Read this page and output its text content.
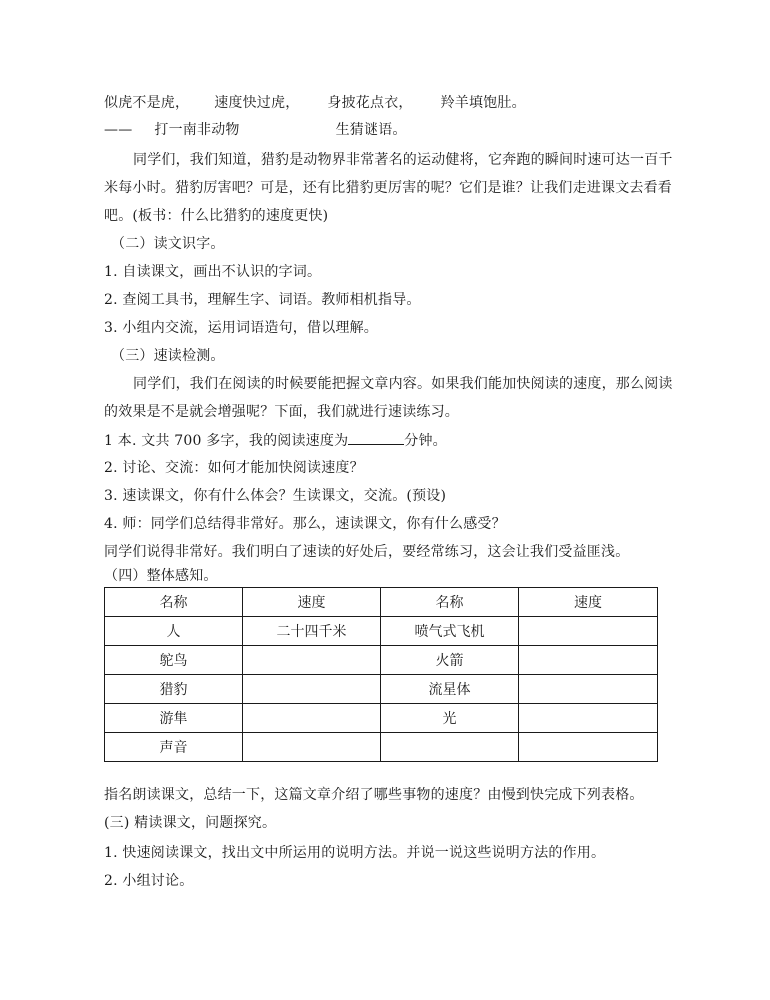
似虎不是虎， 速度快过虎， 身披花点衣， 羚羊填饱肚。
—— 打一南非动物	生猜谜语。
同学们，我们知道，猎豹是动物界非常著名的运动健将，它奔跑的瞬间时速可达一百千
米每小时。猎豹厉害吧？可是，还有比猎豹更厉害的呢？它们是谁？让我们走进课文去看看
吧。(板书：什么比猎豹的速度更快)
（二）读文识字。
1. 自读课文，画出不认识的字词。
2. 查阅工具书，理解生字、词语。教师相机指导。
3. 小组内交流，运用词语造句，借以理解。
（三）速读检测。
同学们，我们在阅读的时候要能把握文章内容。如果我们能加快阅读的速度，那么阅读
的效果是不是就会增强呢？下面，我们就进行速读练习。
1 本. 文共 700 多字，我的阅读速度为	分钟。
2. 讨论、交流：如何才能加快阅读速度？
3. 速读课文，你有什么体会？生读课文，交流。(预设)
4. 师：同学们总结得非常好。那么，速读课文，你有什么感受？
同学们说得非常好。我们明白了速读的好处后，要经常练习，这会让我们受益匪浅。
（四）整体感知。
名称	速度	名称	速度
人	二十四千米	喷气式飞机	
鸵鸟		火箭	
猎豹		流星体	
游隼		光	
声音			
指名朗读课文，总结一下，这篇文章介绍了哪些事物的速度？由慢到快完成下列表格。
(三) 精读课文，问题探究。
1. 快速阅读课文，找出文中所运用的说明方法。并说一说这些说明方法的作用。
2. 小组讨论。
